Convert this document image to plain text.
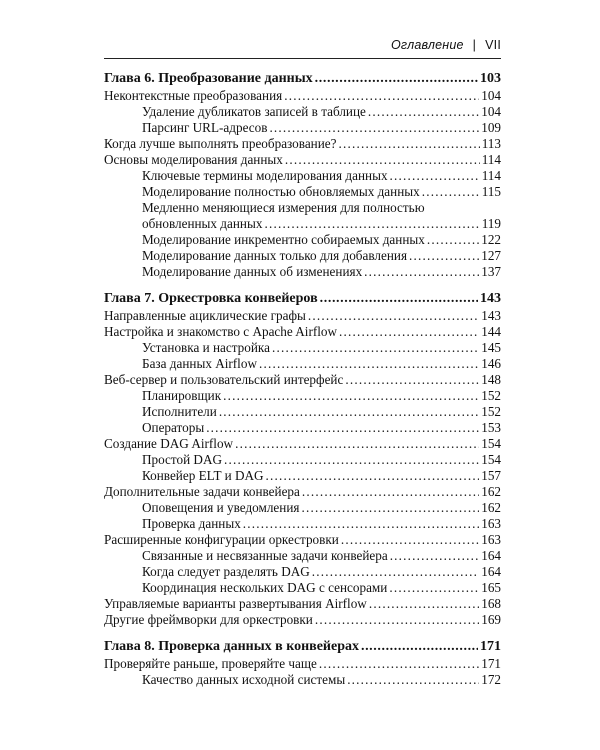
Оглавление | VII
Глава 6. Преобразование данных .....	103
Неконтекстные преобразования .....	104
Удаление дубликатов записей в таблице .....	104
Парсинг URL-адресов .....	109
Когда лучше выполнять преобразование? .....	113
Основы моделирования данных .....	114
Ключевые термины моделирования данных .....	114
Моделирование полностью обновляемых данных .....	115
Медленно меняющиеся измерения для полностью
обновленных данных .....	119
Моделирование инкрементно собираемых данных .....	122
Моделирование данных только для добавления .....	127
Моделирование данных об изменениях .....	137
Глава 7. Оркестровка конвейеров .....	143
Направленные ациклические графы .....	143
Настройка и знакомство с Apache Airflow .....	144
Установка и настройка .....	145
База данных Airflow .....	146
Веб-сервер и пользовательский интерфейс .....	148
Планировщик .....	152
Исполнители .....	152
Операторы .....	153
Создание DAG Airflow .....	154
Простой DAG .....	154
Конвейер ELT и DAG .....	157
Дополнительные задачи конвейера .....	162
Оповещения и уведомления .....	162
Проверка данных .....	163
Расширенные конфигурации оркестровки .....	163
Связанные и несвязанные задачи конвейера .....	164
Когда следует разделять DAG .....	164
Координация нескольких DAG с сенсорами .....	165
Управляемые варианты развертывания Airflow .....	168
Другие фреймворки для оркестровки .....	169
Глава 8. Проверка данных в конвейерах .....	171
Проверяйте раньше, проверяйте чаще .....	171
Качество данных исходной системы .....	172
